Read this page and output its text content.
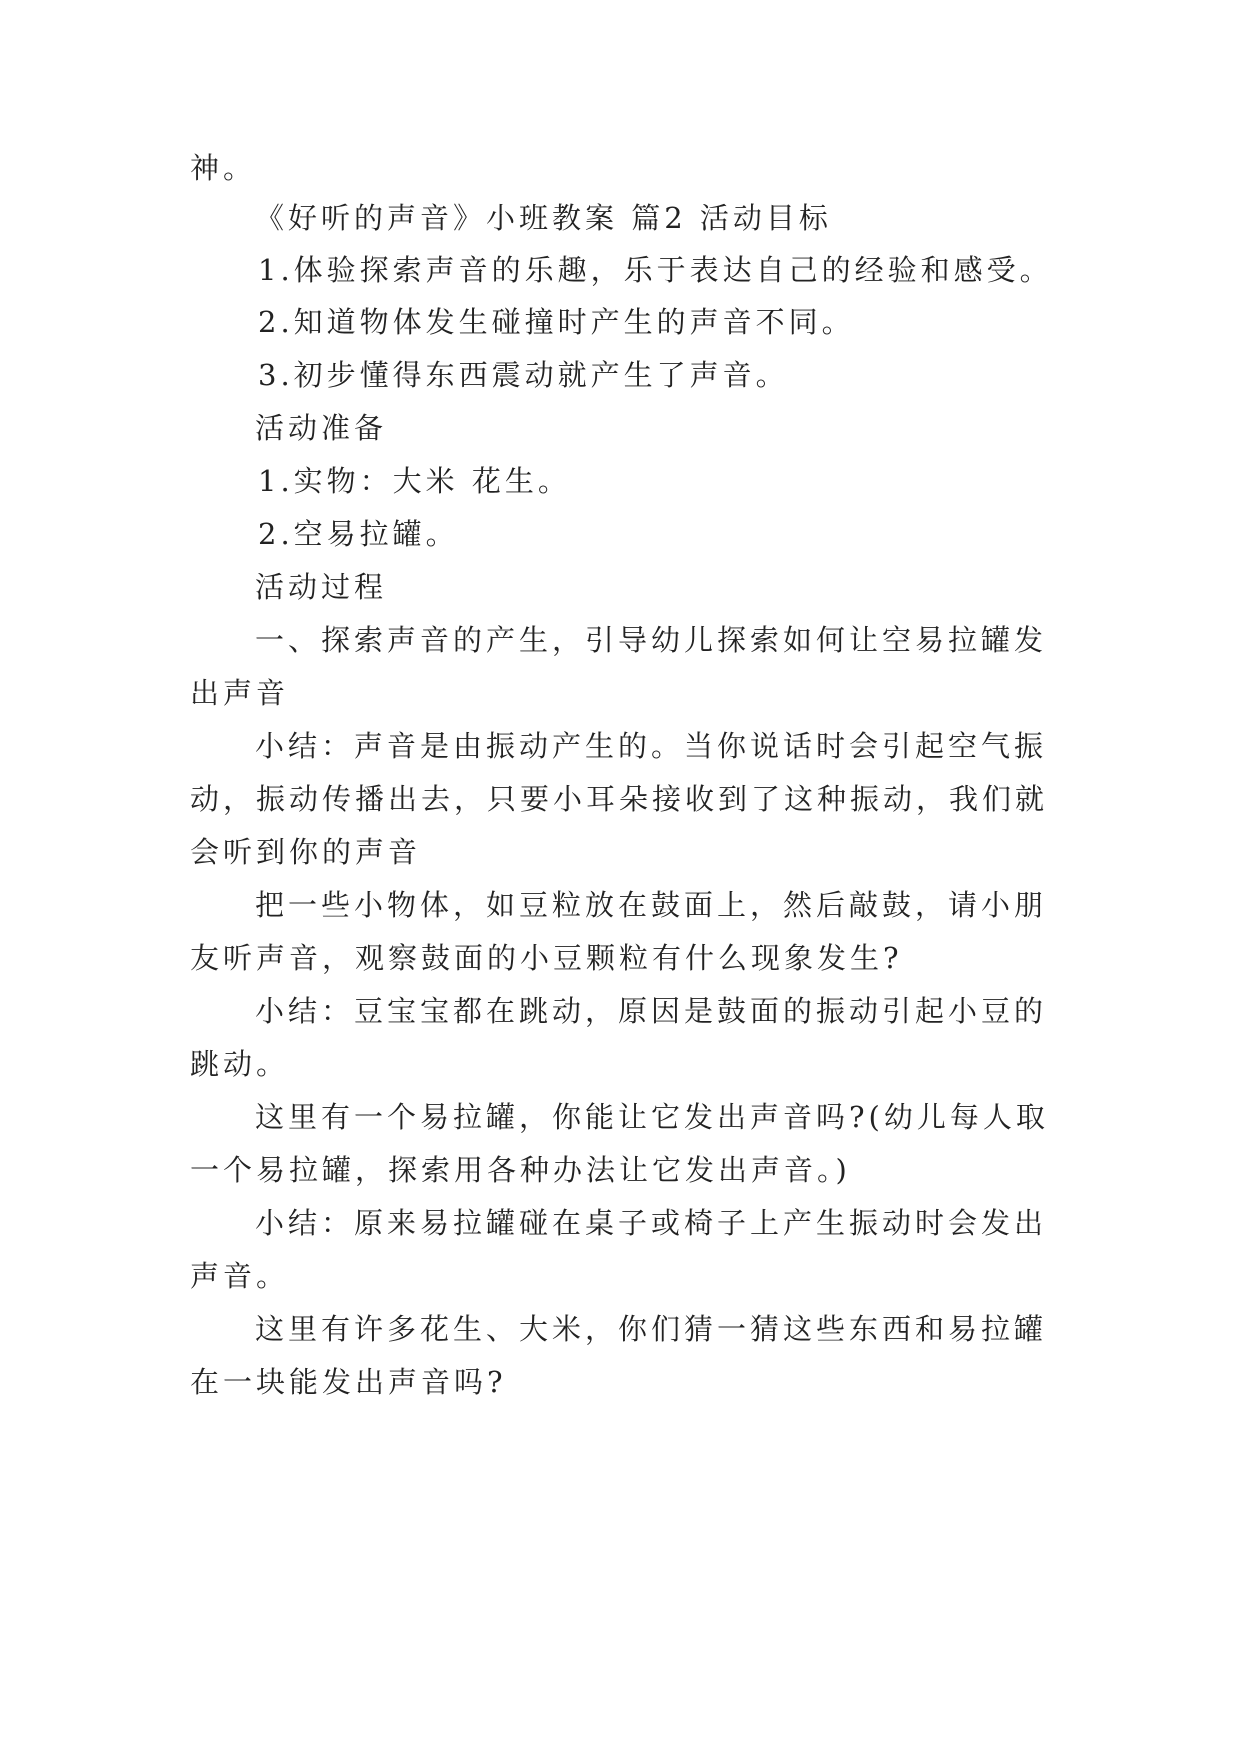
神。
《好听的声音》小班教案 篇2 活动目标
1.体验探索声音的乐趣，乐于表达自己的经验和感受。
2.知道物体发生碰撞时产生的声音不同。
3.初步懂得东西震动就产生了声音。
活动准备
1.实物：大米 花生。
2.空易拉罐。
活动过程
一、探索声音的产生，引导幼儿探索如何让空易拉罐发
出声音
小结：声音是由振动产生的。当你说话时会引起空气振
动，振动传播出去，只要小耳朵接收到了这种振动，我们就
会听到你的声音
把一些小物体，如豆粒放在鼓面上，然后敲鼓，请小朋
友听声音，观察鼓面的小豆颗粒有什么现象发生?
小结：豆宝宝都在跳动，原因是鼓面的振动引起小豆的
跳动。
这里有一个易拉罐，你能让它发出声音吗?(幼儿每人取
一个易拉罐，探索用各种办法让它发出声音。)
小结：原来易拉罐碰在桌子或椅子上产生振动时会发出
声音。
这里有许多花生、大米，你们猜一猜这些东西和易拉罐
在一块能发出声音吗?
